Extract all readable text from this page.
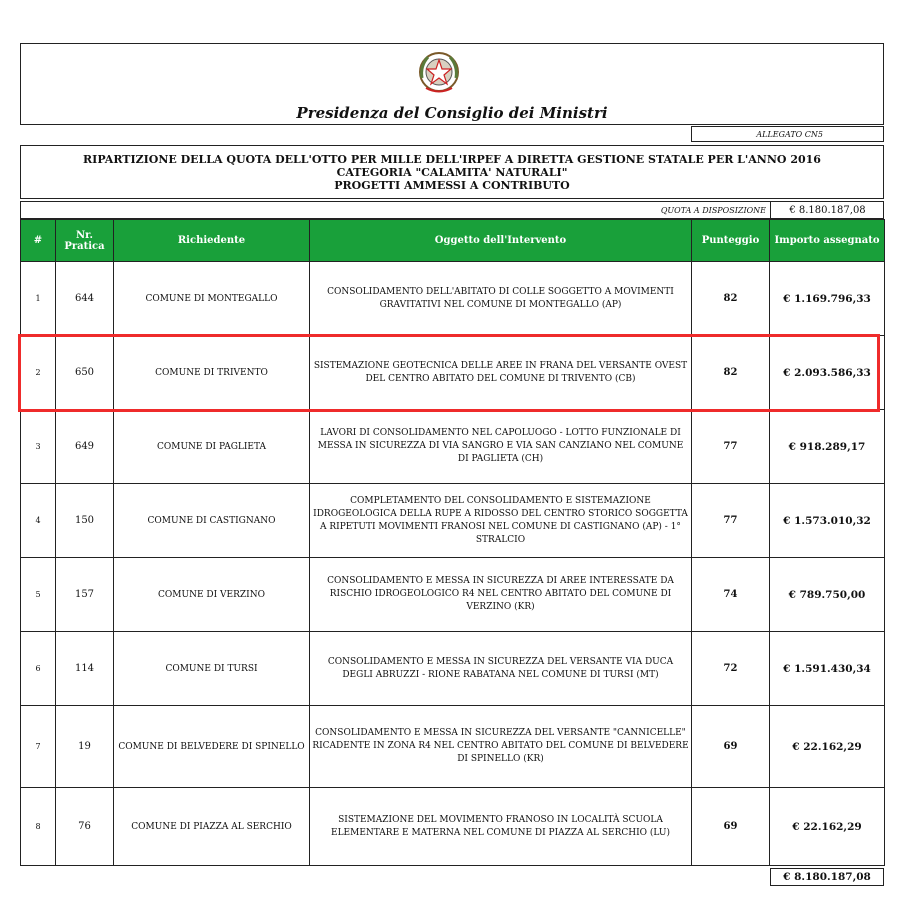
Presidenza del Consiglio dei Ministri
ALLEGATO CN5
RIPARTIZIONE DELLA QUOTA DELL'OTTO PER MILLE DELL'IRPEF A DIRETTA GESTIONE STATALE PER L'ANNO 2016
CATEGORIA "CALAMITA' NATURALI"
PROGETTI AMMESSI A CONTRIBUTO
QUOTA A DISPOSIZIONE	€ 8.180.187,08
#	Nr. Pratica	Richiedente	Oggetto dell'Intervento	Punteggio	Importo assegnato
1	644	COMUNE DI MONTEGALLO	CONSOLIDAMENTO DELL'ABITATO DI COLLE SOGGETTO A MOVIMENTI GRAVITATIVI NEL COMUNE DI MONTEGALLO (AP)	82	€ 1.169.796,33
2	650	COMUNE DI TRIVENTO	SISTEMAZIONE GEOTECNICA DELLE AREE IN FRANA DEL VERSANTE OVEST DEL CENTRO ABITATO DEL COMUNE DI TRIVENTO (CB)	82	€ 2.093.586,33
3	649	COMUNE DI PAGLIETA	LAVORI DI CONSOLIDAMENTO NEL CAPOLUOGO - LOTTO FUNZIONALE DI MESSA IN SICUREZZA DI VIA SANGRO E VIA SAN CANZIANO NEL COMUNE DI PAGLIETA (CH)	77	€ 918.289,17
4	150	COMUNE DI CASTIGNANO	COMPLETAMENTO DEL CONSOLIDAMENTO E SISTEMAZIONE IDROGEOLOGICA DELLA RUPE A RIDOSSO DEL CENTRO STORICO SOGGETTA A RIPETUTI MOVIMENTI FRANOSI NEL COMUNE DI CASTIGNANO (AP) - 1° STRALCIO	77	€ 1.573.010,32
5	157	COMUNE DI VERZINO	CONSOLIDAMENTO E MESSA IN SICUREZZA DI AREE INTERESSATE DA RISCHIO IDROGEOLOGICO R4 NEL CENTRO ABITATO DEL COMUNE DI VERZINO (KR)	74	€ 789.750,00
6	114	COMUNE DI TURSI	CONSOLIDAMENTO E MESSA IN SICUREZZA DEL VERSANTE VIA DUCA DEGLI ABRUZZI - RIONE RABATANA NEL COMUNE DI TURSI (MT)	72	€ 1.591.430,34
7	19	COMUNE DI BELVEDERE DI SPINELLO	CONSOLIDAMENTO E MESSA IN SICUREZZA DEL VERSANTE "CANNICELLE" RICADENTE IN ZONA R4 NEL CENTRO ABITATO DEL COMUNE DI BELVEDERE DI SPINELLO (KR)	69	€ 22.162,29
8	76	COMUNE DI PIAZZA AL SERCHIO	SISTEMAZIONE DEL MOVIMENTO FRANOSO IN LOCALITÀ SCUOLA ELEMENTARE E MATERNA NEL COMUNE DI PIAZZA AL SERCHIO (LU)	69	€ 22.162,29
€ 8.180.187,08
